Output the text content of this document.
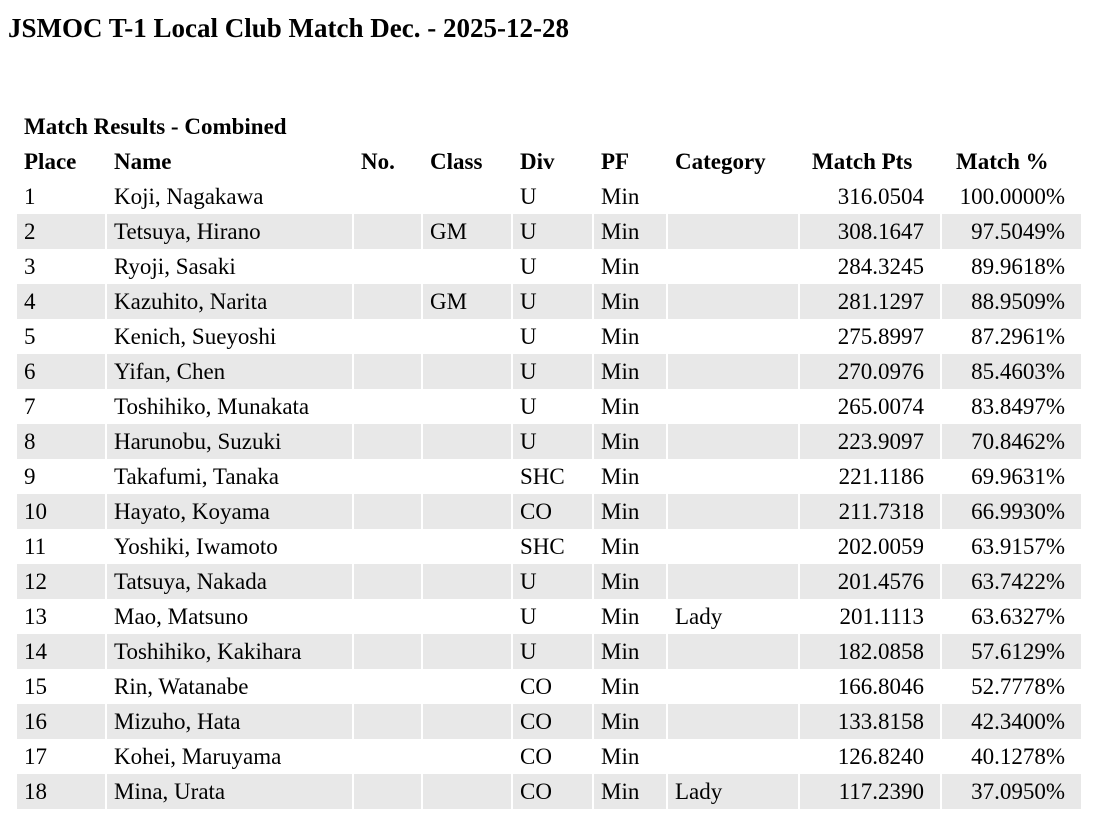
JSMOC T-1 Local Club Match Dec. - 2025-12-28
Match Results - Combined
Place	Name	No.	Class	Div	PF	Category	Match Pts	Match %
1	Koji, Nagakawa			U	Min		316.0504	100.0000%
2	Tetsuya, Hirano		GM	U	Min		308.1647	97.5049%
3	Ryoji, Sasaki			U	Min		284.3245	89.9618%
4	Kazuhito, Narita		GM	U	Min		281.1297	88.9509%
5	Kenich, Sueyoshi			U	Min		275.8997	87.2961%
6	Yifan, Chen			U	Min		270.0976	85.4603%
7	Toshihiko, Munakata			U	Min		265.0074	83.8497%
8	Harunobu, Suzuki			U	Min		223.9097	70.8462%
9	Takafumi, Tanaka			SHC	Min		221.1186	69.9631%
10	Hayato, Koyama			CO	Min		211.7318	66.9930%
11	Yoshiki, Iwamoto			SHC	Min		202.0059	63.9157%
12	Tatsuya, Nakada			U	Min		201.4576	63.7422%
13	Mao, Matsuno			U	Min	Lady	201.1113	63.6327%
14	Toshihiko, Kakihara			U	Min		182.0858	57.6129%
15	Rin, Watanabe			CO	Min		166.8046	52.7778%
16	Mizuho, Hata			CO	Min		133.8158	42.3400%
17	Kohei, Maruyama			CO	Min		126.8240	40.1278%
18	Mina, Urata			CO	Min	Lady	117.2390	37.0950%
